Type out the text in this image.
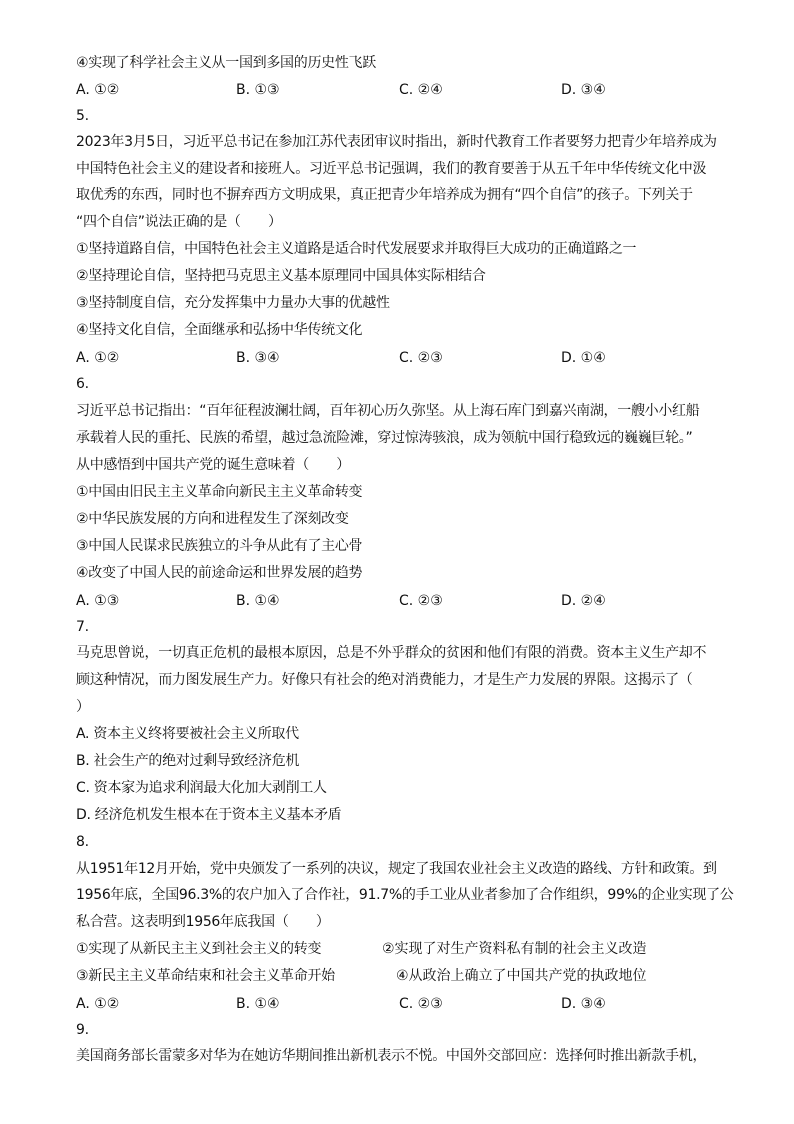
④实现了科学社会主义从一国到多国的历史性飞跃
A. ①②	B. ①③	C. ②④	D. ③④
5.
2023年3月5日，习近平总书记在参加江苏代表团审议时指出，新时代教育工作者要努力把青少年培养成为
中国特色社会主义的建设者和接班人。习近平总书记强调，我们的教育要善于从五千年中华传统文化中汲
取优秀的东西，同时也不摒弃西方文明成果，真正把青少年培养成为拥有“四个自信”的孩子。下列关于
“四个自信”说法正确的是（　　）
①坚持道路自信，中国特色社会主义道路是适合时代发展要求并取得巨大成功的正确道路之一
②坚持理论自信，坚持把马克思主义基本原理同中国具体实际相结合
③坚持制度自信，充分发挥集中力量办大事的优越性
④坚持文化自信，全面继承和弘扬中华传统文化
A. ①②	B. ③④	C. ②③	D. ①④
6.
习近平总书记指出：“百年征程波澜壮阔，百年初心历久弥坚。从上海石库门到嘉兴南湖，一艘小小红船
承载着人民的重托、民族的希望，越过急流险滩，穿过惊涛骇浪，成为领航中国行稳致远的巍巍巨轮。”
从中感悟到中国共产党的诞生意味着（　　）
①中国由旧民主主义革命向新民主主义革命转变
②中华民族发展的方向和进程发生了深刻改变
③中国人民谋求民族独立的斗争从此有了主心骨
④改变了中国人民的前途命运和世界发展的趋势
A. ①③	B. ①④	C. ②③	D. ②④
7.
马克思曾说，一切真正危机的最根本原因，总是不外乎群众的贫困和他们有限的消费。资本主义生产却不
顾这种情况，而力图发展生产力。好像只有社会的绝对消费能力，才是生产力发展的界限。这揭示了（
）
A. 资本主义终将要被社会主义所取代
B. 社会生产的绝对过剩导致经济危机
C. 资本家为追求利润最大化加大剥削工人
D. 经济危机发生根本在于资本主义基本矛盾
8.
从1951年12月开始，党中央颁发了一系列的决议，规定了我国农业社会主义改造的路线、方针和政策。到
1956年底，全国96.3%的农户加入了合作社，91.7%的手工业从业者参加了合作组织，99%的企业实现了公
私合营。这表明到1956年底我国（　　）
①实现了从新民主主义到社会主义的转变	②实现了对生产资料私有制的社会主义改造
③新民主主义革命结束和社会主义革命开始	④从政治上确立了中国共产党的执政地位
A. ①②	B. ①④	C. ②③	D. ③④
9.
美国商务部长雷蒙多对华为在她访华期间推出新机表示不悦。中国外交部回应：选择何时推出新款手机，
